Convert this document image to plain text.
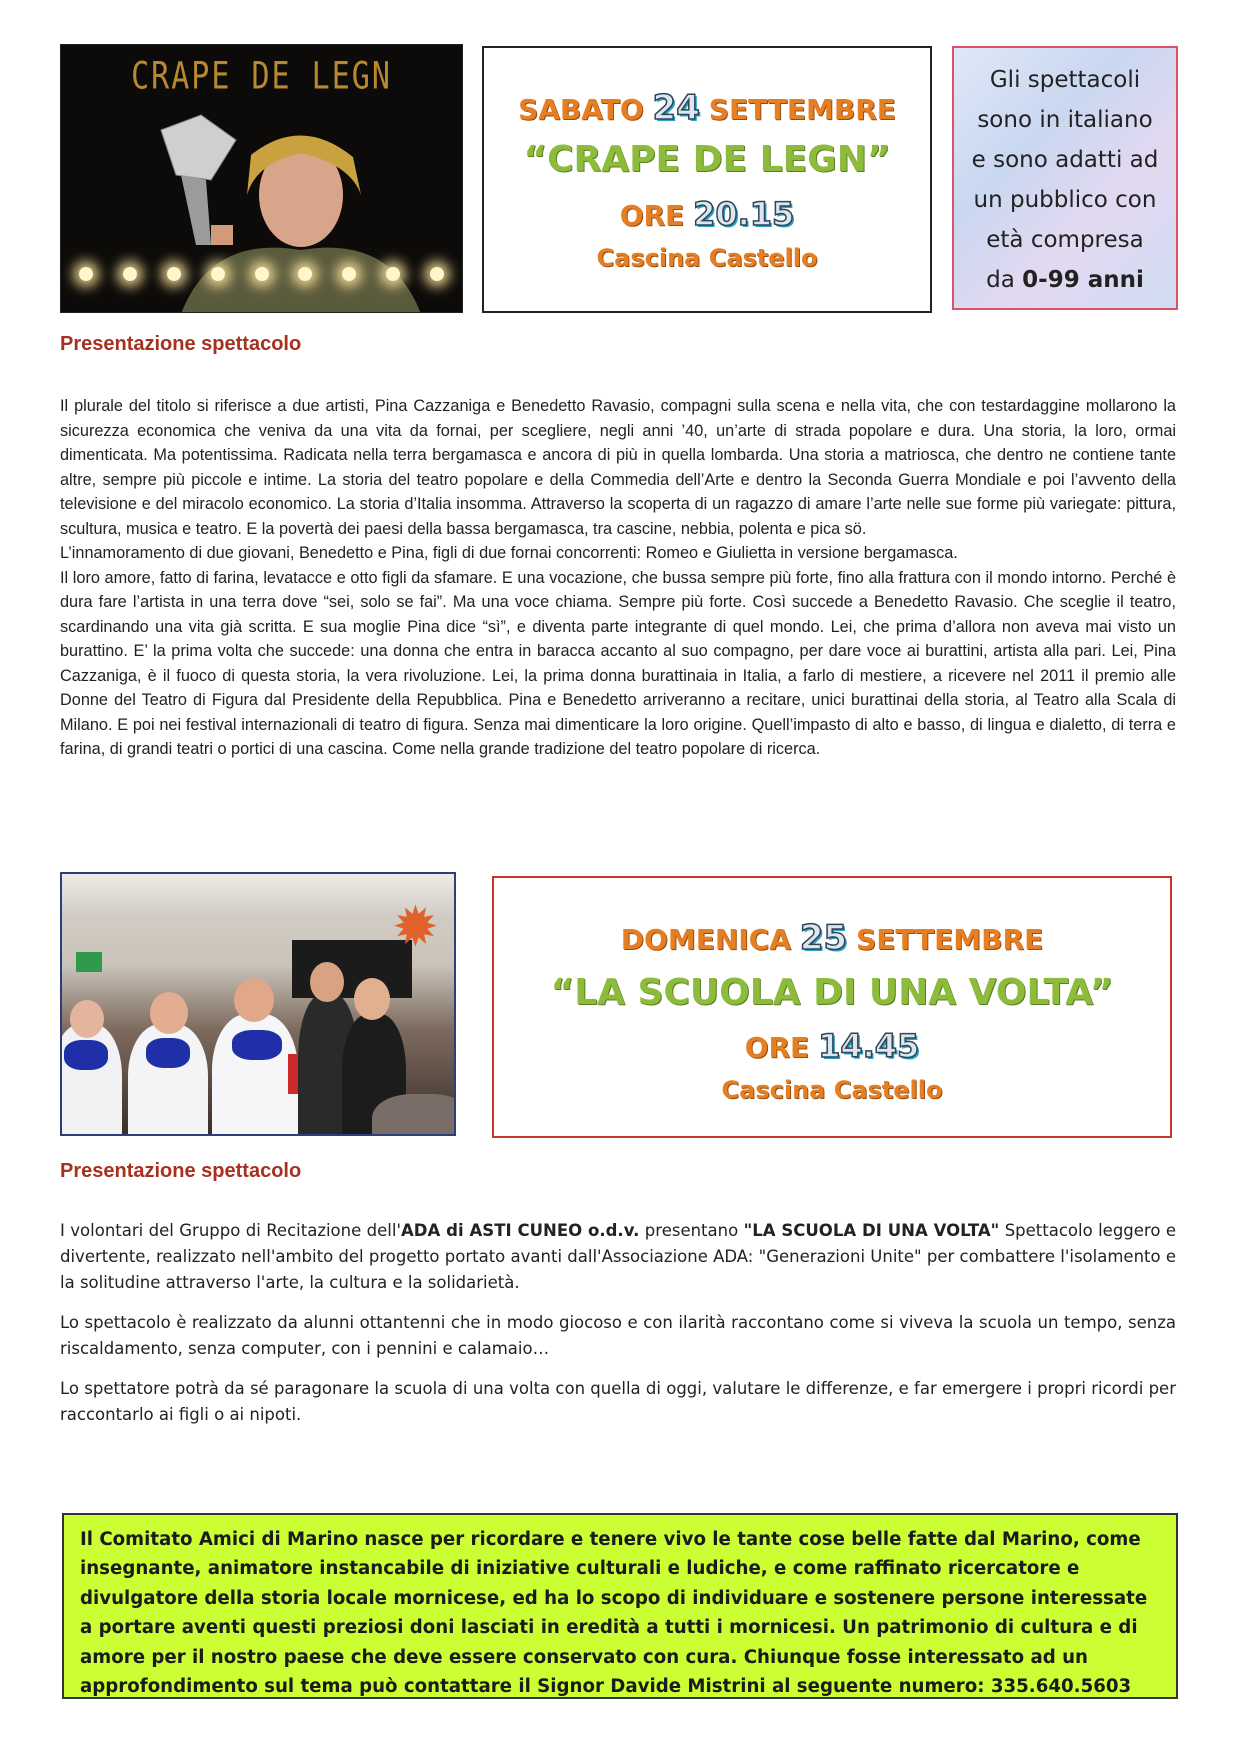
CRAPE DE LEGN
SABATO 24 SETTEMBRE
“CRAPE DE LEGN”
ORE 20.15
Cascina Castello
Gli spettacoli
sono in italiano
e sono adatti ad
un pubblico con
età compresa
da 0-99 anni
Presentazione spettacolo

Il plurale del titolo si riferisce a due artisti, Pina Cazzaniga e Benedetto Ravasio, compagni sulla scena e nella vita, che con testardaggine mollarono la sicurezza economica che veniva da una vita da fornai, per scegliere, negli anni ’40, un’arte di strada popolare e dura. Una storia, la loro, ormai dimenticata. Ma potentissima. Radicata nella terra bergamasca e ancora di più in quella lombarda. Una storia a matriosca, che dentro ne contiene tante altre, sempre più piccole e intime. La storia del teatro popolare e della Commedia dell’Arte e dentro la Seconda Guerra Mondiale e poi l’avvento della televisione e del miracolo economico. La storia d’Italia insomma. Attraverso la scoperta di un ragazzo di amare l’arte nelle sue forme più variegate: pittura, scultura, musica e teatro. E la povertà dei paesi della bassa bergamasca, tra cascine, nebbia, polenta e pica sö.

L’innamoramento di due giovani, Benedetto e Pina, figli di due fornai concorrenti: Romeo e Giulietta in versione bergamasca.

Il loro amore, fatto di farina, levatacce e otto figli da sfamare. E una vocazione, che bussa sempre più forte, fino alla frattura con il mondo intorno. Perché è dura fare l’artista in una terra dove “sei, solo se fai”. Ma una voce chiama. Sempre più forte. Così succede a Benedetto Ravasio. Che sceglie il teatro, scardinando una vita già scritta. E sua moglie Pina dice “sì”, e diventa parte integrante di quel mondo. Lei, che prima d’allora non aveva mai visto un burattino. E’ la prima volta che succede: una donna che entra in baracca accanto al suo compagno, per dare voce ai burattini, artista alla pari. Lei, Pina Cazzaniga, è il fuoco di questa storia, la vera rivoluzione. Lei, la prima donna burattinaia in Italia, a farlo di mestiere, a ricevere nel 2011 il premio alle Donne del Teatro di Figura dal Presidente della Repubblica. Pina e Benedetto arriveranno a recitare, unici burattinai della storia, al Teatro alla Scala di Milano. E poi nei festival internazionali di teatro di figura. Senza mai dimenticare la loro origine. Quell’impasto di alto e basso, di lingua e dialetto, di terra e farina, di grandi teatri o portici di una cascina. Come nella grande tradizione del teatro popolare di ricerca.

✹	DOMENICA 25 SETTEMBRE
“LA SCUOLA DI UNA VOLTA”
ORE 14.45
Cascina Castello
Presentazione spettacolo

I volontari del Gruppo di Recitazione dell'ADA di ASTI CUNEO o.d.v. presentano "LA SCUOLA DI UNA VOLTA" Spettacolo leggero e divertente, realizzato nell'ambito del progetto portato avanti dall'Associazione ADA: "Generazioni Unite" per combattere l'isolamento e la solitudine attraverso l'arte, la cultura e la solidarietà.

Lo spettacolo è realizzato da alunni ottantenni che in modo giocoso e con ilarità raccontano come si viveva la scuola un tempo, senza riscaldamento, senza computer, con i pennini e calamaio…

Lo spettatore potrà da sé paragonare la scuola di una volta con quella di oggi, valutare le differenze, e far emergere i propri ricordi per raccontarlo ai figli o ai nipoti.

Il Comitato Amici di Marino nasce per ricordare e tenere vivo le tante cose belle fatte dal Marino, come insegnante, animatore instancabile di iniziative culturali e ludiche, e come raffinato ricercatore e divulgatore della storia locale mornicese, ed ha lo scopo di individuare e sostenere persone interessate a portare aventi questi preziosi doni lasciati in eredità a tutti i mornicesi. Un patrimonio di cultura e di amore per il nostro paese che deve essere conservato con cura. Chiunque fosse interessato ad un approfondimento sul tema può contattare il Signor Davide Mistrini al seguente numero: 335.640.5603
